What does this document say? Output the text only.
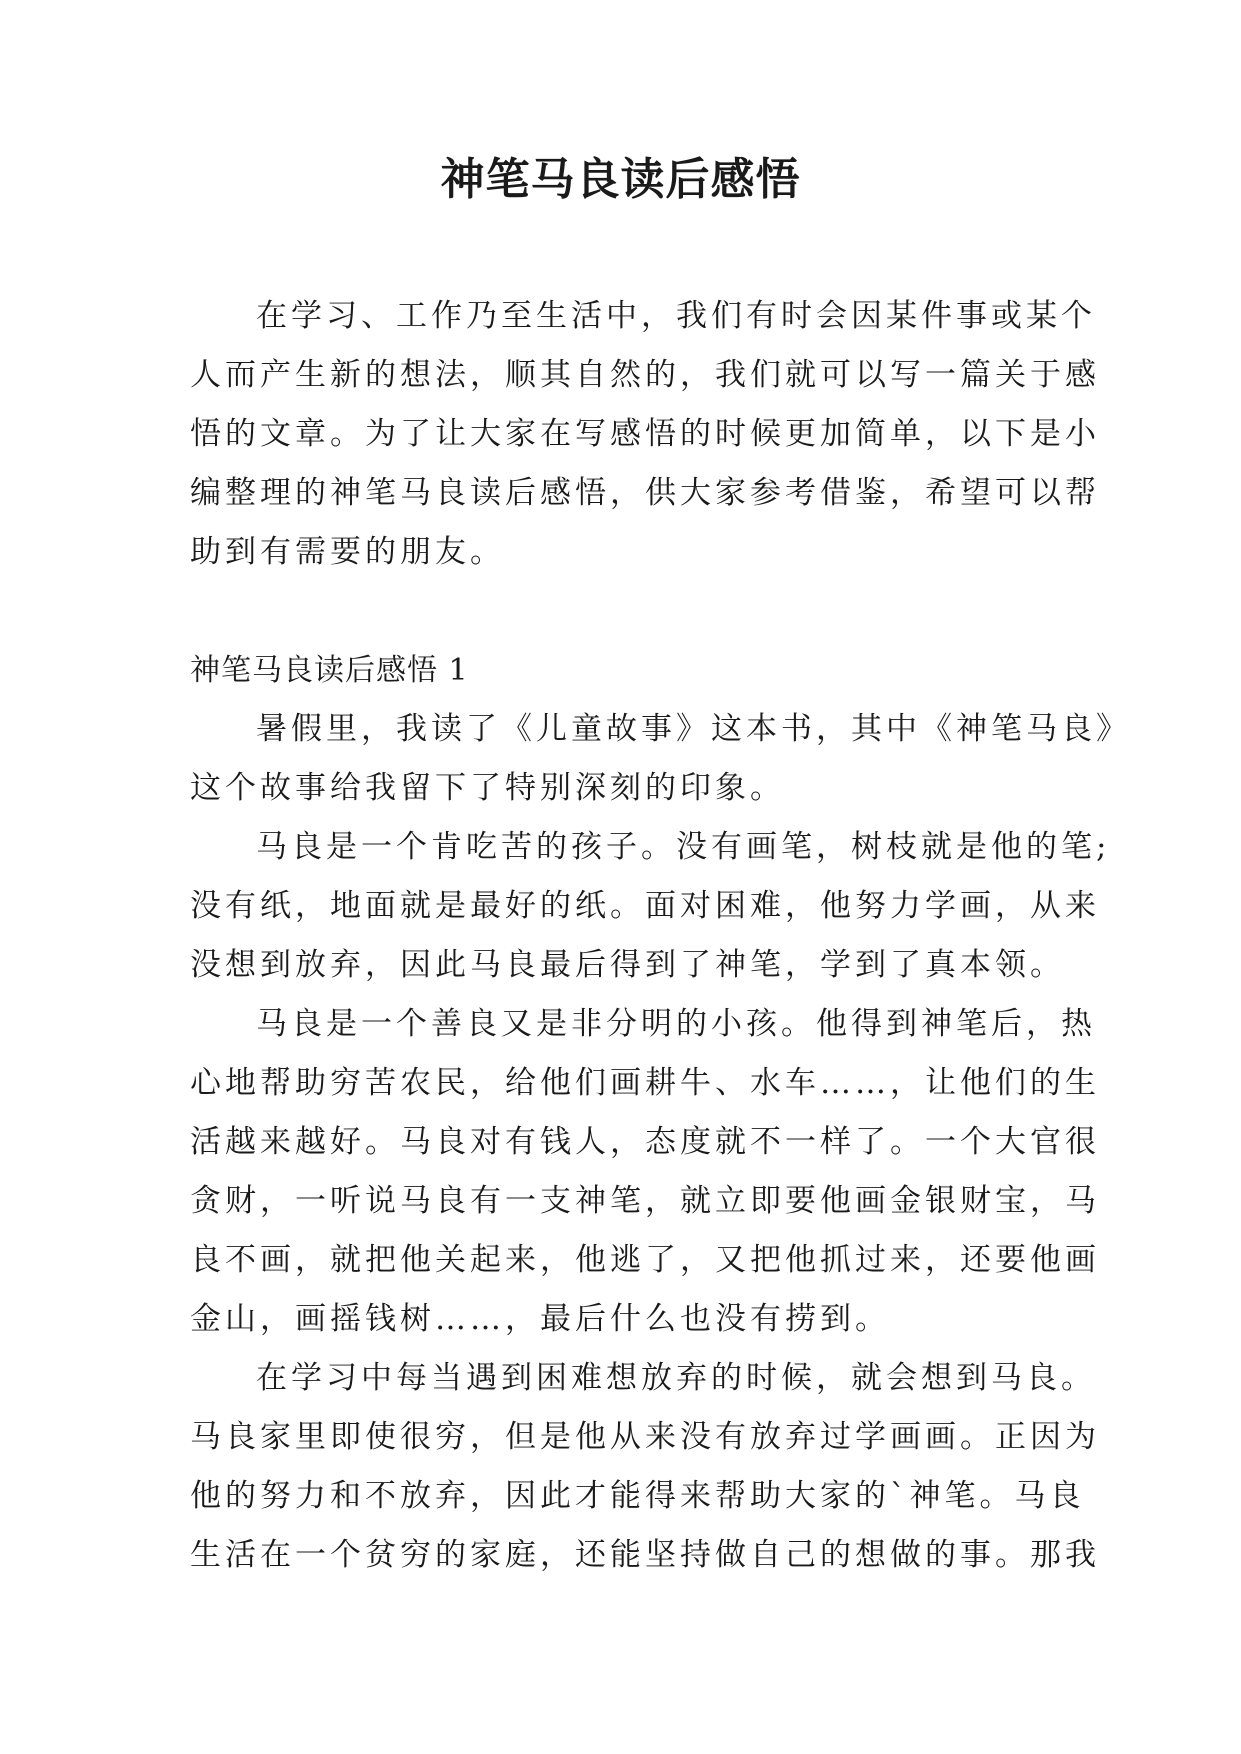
神笔马良读后感悟
在学习、工作乃至生活中，我们有时会因某件事或某个
人而产生新的想法，顺其自然的，我们就可以写一篇关于感
悟的文章。为了让大家在写感悟的时候更加简单，以下是小
编整理的神笔马良读后感悟，供大家参考借鉴，希望可以帮
助到有需要的朋友。
神笔马良读后感悟 1
暑假里，我读了《儿童故事》这本书，其中《神笔马良》
这个故事给我留下了特别深刻的印象。
马良是一个肯吃苦的孩子。没有画笔，树枝就是他的笔;
没有纸，地面就是最好的纸。面对困难，他努力学画，从来
没想到放弃，因此马良最后得到了神笔，学到了真本领。
马良是一个善良又是非分明的小孩。他得到神笔后，热
心地帮助穷苦农民，给他们画耕牛、水车……，让他们的生
活越来越好。马良对有钱人，态度就不一样了。一个大官很
贪财，一听说马良有一支神笔，就立即要他画金银财宝，马
良不画，就把他关起来，他逃了，又把他抓过来，还要他画
金山，画摇钱树……，最后什么也没有捞到。
在学习中每当遇到困难想放弃的时候，就会想到马良。
马良家里即使很穷，但是他从来没有放弃过学画画。正因为
他的努力和不放弃，因此才能得来帮助大家的`神笔。马良
生活在一个贫穷的家庭，还能坚持做自己的想做的事。那我
